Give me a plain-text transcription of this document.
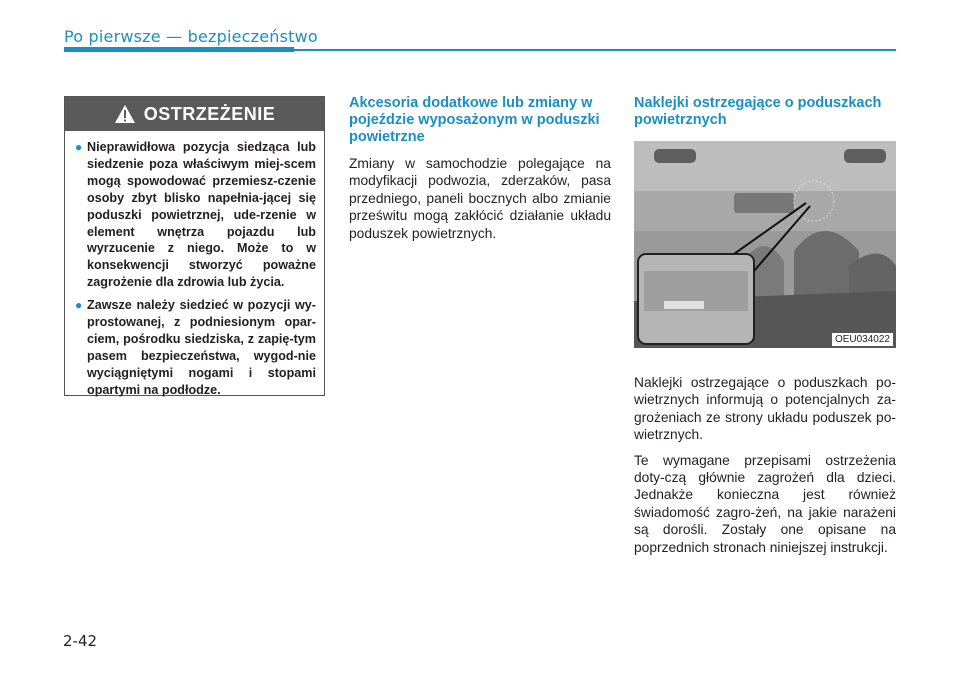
Po pierwsze — bezpieczeństwo
OSTRZEŻENIE
● Nieprawidłowa pozycja siedząca lub siedzenie poza właściwym miej-scem mogą spowodować przemiesz-czenie osoby zbyt blisko napełnia-jącej się poduszki powietrznej, ude-rzenie w element wnętrza pojazdu lub wyrzucenie z niego. Może to w konsekwencji stworzyć poważne zagrożenie dla zdrowia lub życia.
● Zawsze należy siedzieć w pozycji wy-prostowanej, z podniesionym opar-ciem, pośrodku siedziska, z zapię-tym pasem bezpieczeństwa, wygod-nie wyciągniętymi nogami i stopami opartymi na podłodze.
Akcesoria dodatkowe lub zmiany w pojeździe wyposażonym w poduszki powietrzne

Zmiany w samochodzie polegające na modyfikacji podwozia, zderzaków, pasa przedniego, paneli bocznych albo zmianie prześwitu mogą zakłócić działanie układu poduszek powietrznych.

Naklejki ostrzegające o poduszkach powietrznych
OEU034022

Naklejki ostrzegające o poduszkach po-wietrznych informują o potencjalnych za-grożeniach ze strony układu poduszek po-wietrznych.

Te wymagane przepisami ostrzeżenia doty-czą głównie zagrożeń dla dzieci. Jednakże konieczna jest również świadomość zagro-żeń, na jakie narażeni są dorośli. Zostały one opisane na poprzednich stronach niniejszej instrukcji.

2-42
